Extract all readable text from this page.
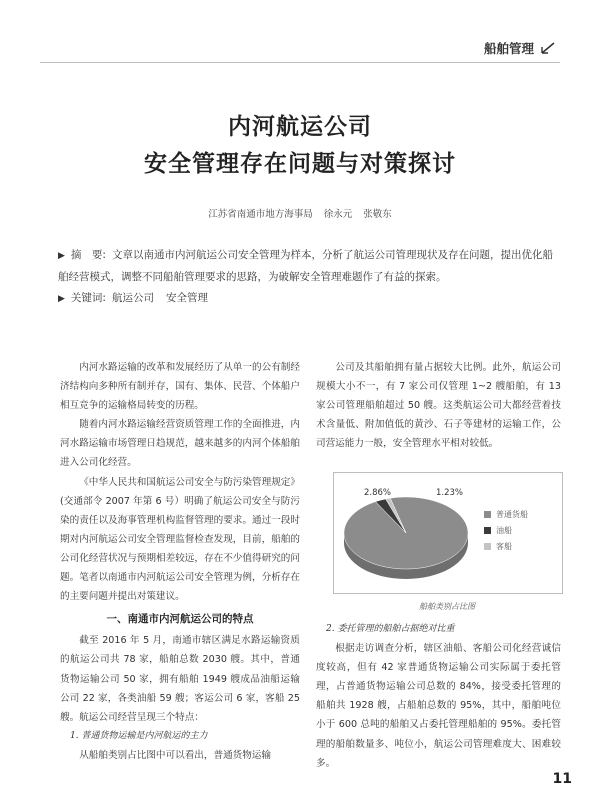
船舶管理
内河航运公司
安全管理存在问题与对策探讨
江苏省南通市地方海事局 徐永元 张敬东
▶ 摘　要: 文章以南通市内河航运公司安全管理为样本，分析了航运公司管理现状及存在问题，提出优化船舶经营模式，调整不同船舶管理要求的思路，为破解安全管理难题作了有益的探索。
▶ 关键词: 航运公司 安全管理

内河水路运输的改革和发展经历了从单一的公有制经济结构向多种所有制并存，国有、集体、民营、个体船户相互竞争的运输格局转变的历程。

随着内河水路运输经营资质管理工作的全面推进，内河水路运输市场管理日趋规范，越来越多的内河个体船舶进入公司化经营。

《中华人民共和国航运公司安全与防污染管理规定》(交通部令 2007 年第 6 号）明确了航运公司安全与防污染的责任以及海事管理机构监督管理的要求。通过一段时期对内河航运公司安全管理监督检查发现，目前，船舶的公司化经营状况与预期相差较远，存在不少值得研究的问题。笔者以南通市内河航运公司安全管理为例，分析存在的主要问题并提出对策建议。

一、南通市内河航运公司的特点

截至 2016 年 5 月，南通市辖区满足水路运输资质的航运公司共 78 家，船舶总数 2030 艘。其中，普通货物运输公司 50 家，拥有船舶 1949 艘成品油船运输公司 22 家，各类油船 59 艘；客运公司 6 家，客船 25 艘。航运公司经营呈现三个特点：

1. 普通货物运输是内河航运的主力

从船舶类别占比图中可以看出，普通货物运输

公司及其船舶拥有量占据较大比例。此外，航运公司规模大小不一，有 7 家公司仅管理 1~2 艘船舶，有 13 家公司管理船舶超过 50 艘。这类航运公司大都经营着技术含量低、附加值低的黄沙、石子等建材的运输工作，公司营运能力一般，安全管理水平相对较低。

2.86%	1.23%
普通货船
油船
客船
船舶类别占比图

2. 委托管理的船舶占据绝对比重

根据走访调查分析，辖区油船、客船公司化经营诚信度较高，但有 42 家普通货物运输公司实际属于委托管理，占普通货物运输公司总数的 84%，接受委托管理的船舶共 1928 艘，占船舶总数的 95%，其中，船舶吨位小于 600 总吨的船舶又占委托管理船舶的 95%。委托管理的船舶数量多、吨位小，航运公司管理难度大、困难较多。

11
